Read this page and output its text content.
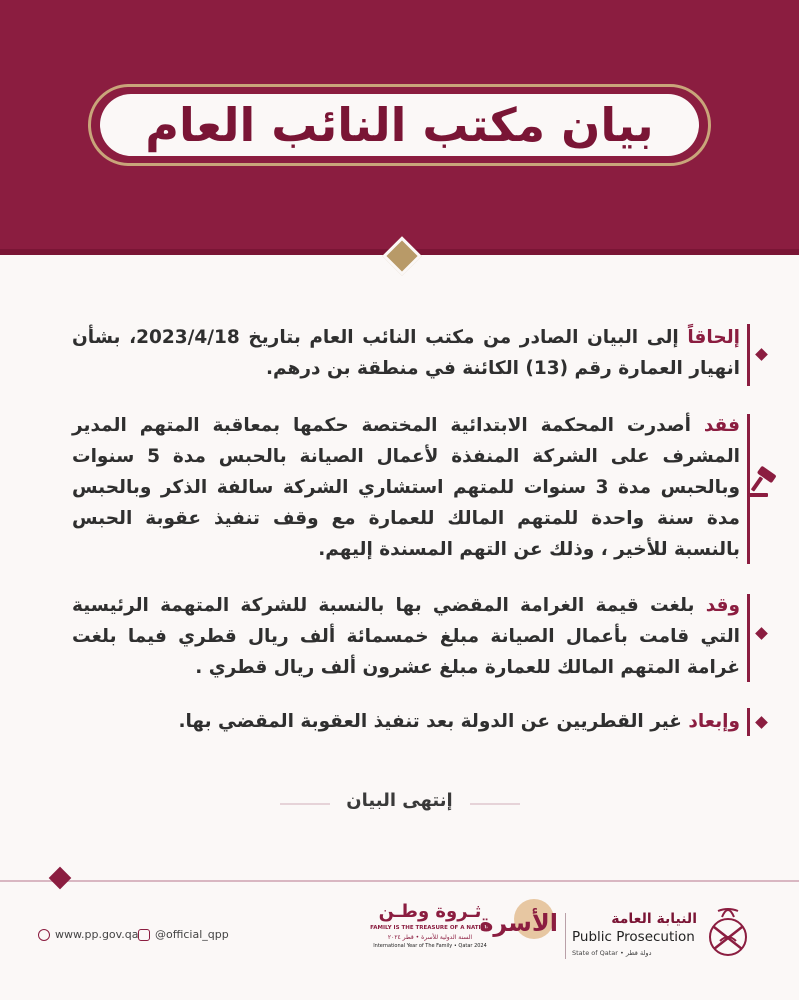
بيان مكتب النائب العام
إلحاقاً إلى البيان الصادر من مكتب النائب العام بتاريخ 2023/4/18، بشأن انهيار العمارة رقم (13) الكائنة في منطقة بن درهم.
فقد أصدرت المحكمة الابتدائية المختصة حكمها بمعاقبة المتهم المدير المشرف على الشركة المنفذة لأعمال الصيانة بالحبس مدة 5 سنوات وبالحبس مدة 3 سنوات للمتهم استشاري الشركة سالفة الذكر وبالحبس مدة سنة واحدة للمتهم المالك للعمارة مع وقف تنفيذ عقوبة الحبس بالنسبة للأخير ، وذلك عن التهم المسندة إليهم.
وقد بلغت قيمة الغرامة المقضي بها بالنسبة للشركة المتهمة الرئيسية التي قامت بأعمال الصيانة مبلغ خمسمائة ألف ريال قطري فيما بلغت غرامة المتهم المالك للعمارة مبلغ عشرون ألف ريال قطري .
وإبعاد غير القطريين عن الدولة بعد تنفيذ العقوبة المقضي بها.
إنتهى البيان
www.pp.gov.qa @official_qpp
ثـروة وطـن
FAMILY IS THE TREASURE OF A NATION
السنة الدولية للأسرة • قطر ٢٠٢٤
International Year of The Family • Qatar 2024
الأسرة	النيابة العامة
Public Prosecution
State of Qatar • دولة قطر
